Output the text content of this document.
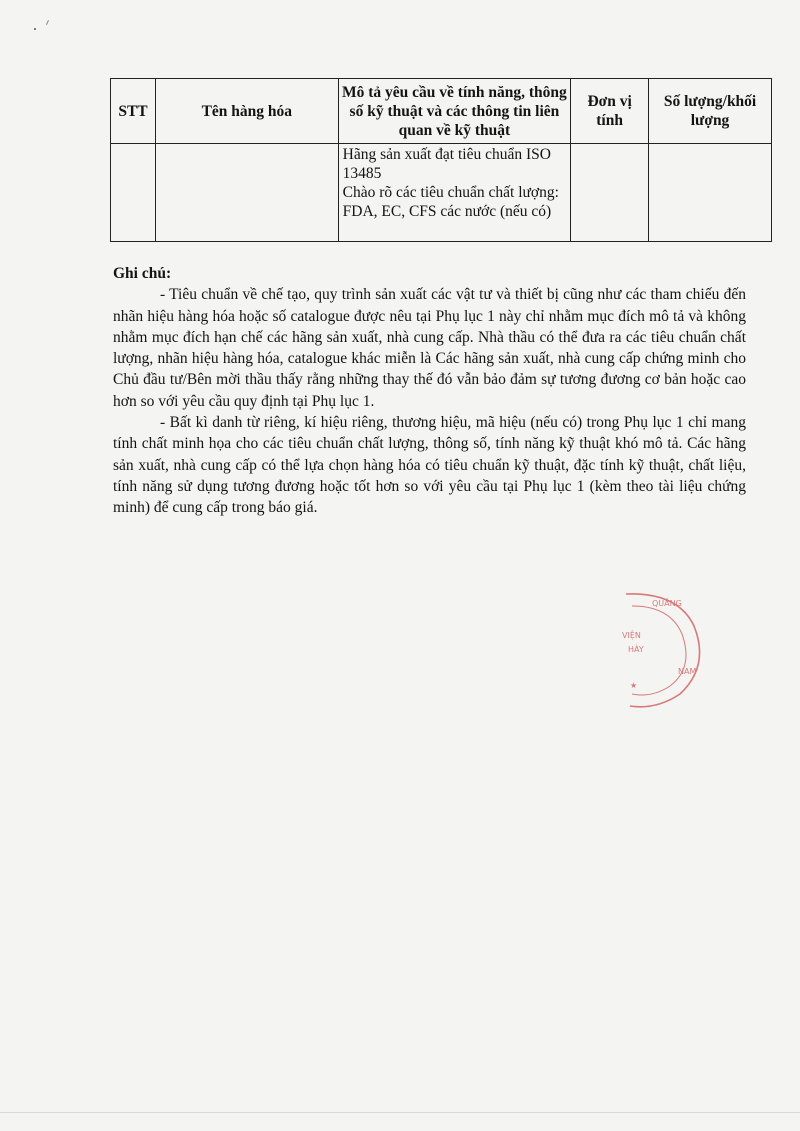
STT	Tên hàng hóa	Mô tả yêu cầu về tính năng, thông số kỹ thuật và các thông tin liên quan về kỹ thuật	Đơn vị tính	Số lượng/khối lượng

		Hãng sản xuất đạt tiêu chuẩn ISO 13485
Chào rõ các tiêu chuẩn chất lượng: FDA, EC, CFS các nước (nếu có)		

Ghi chú:

- Tiêu chuẩn về chế tạo, quy trình sản xuất các vật tư và thiết bị cũng như các tham chiếu đến nhãn hiệu hàng hóa hoặc số catalogue được nêu tại Phụ lục 1 này chỉ nhằm mục đích mô tả và không nhằm mục đích hạn chế các hãng sản xuất, nhà cung cấp. Nhà thầu có thể đưa ra các tiêu chuẩn chất lượng, nhãn hiệu hàng hóa, catalogue khác miễn là Các hãng sản xuất, nhà cung cấp chứng minh cho Chủ đầu tư/Bên mời thầu thấy rằng những thay thế đó vẫn bảo đảm sự tương đương cơ bản hoặc cao hơn so với yêu cầu quy định tại Phụ lục 1.

- Bất kì danh từ riêng, kí hiệu riêng, thương hiệu, mã hiệu (nếu có) trong Phụ lục 1 chỉ mang tính chất minh họa cho các tiêu chuẩn chất lượng, thông số, tính năng kỹ thuật khó mô tả. Các hãng sản xuất, nhà cung cấp có thể lựa chọn hàng hóa có tiêu chuẩn kỹ thuật, đặc tính kỹ thuật, chất liệu, tính năng sử dụng tương đương hoặc tốt hơn so với yêu cầu tại Phụ lục 1 (kèm theo tài liệu chứng minh) để cung cấp trong báo giá.

QUẢNG
VIỆN
HÀY
NAM
★
